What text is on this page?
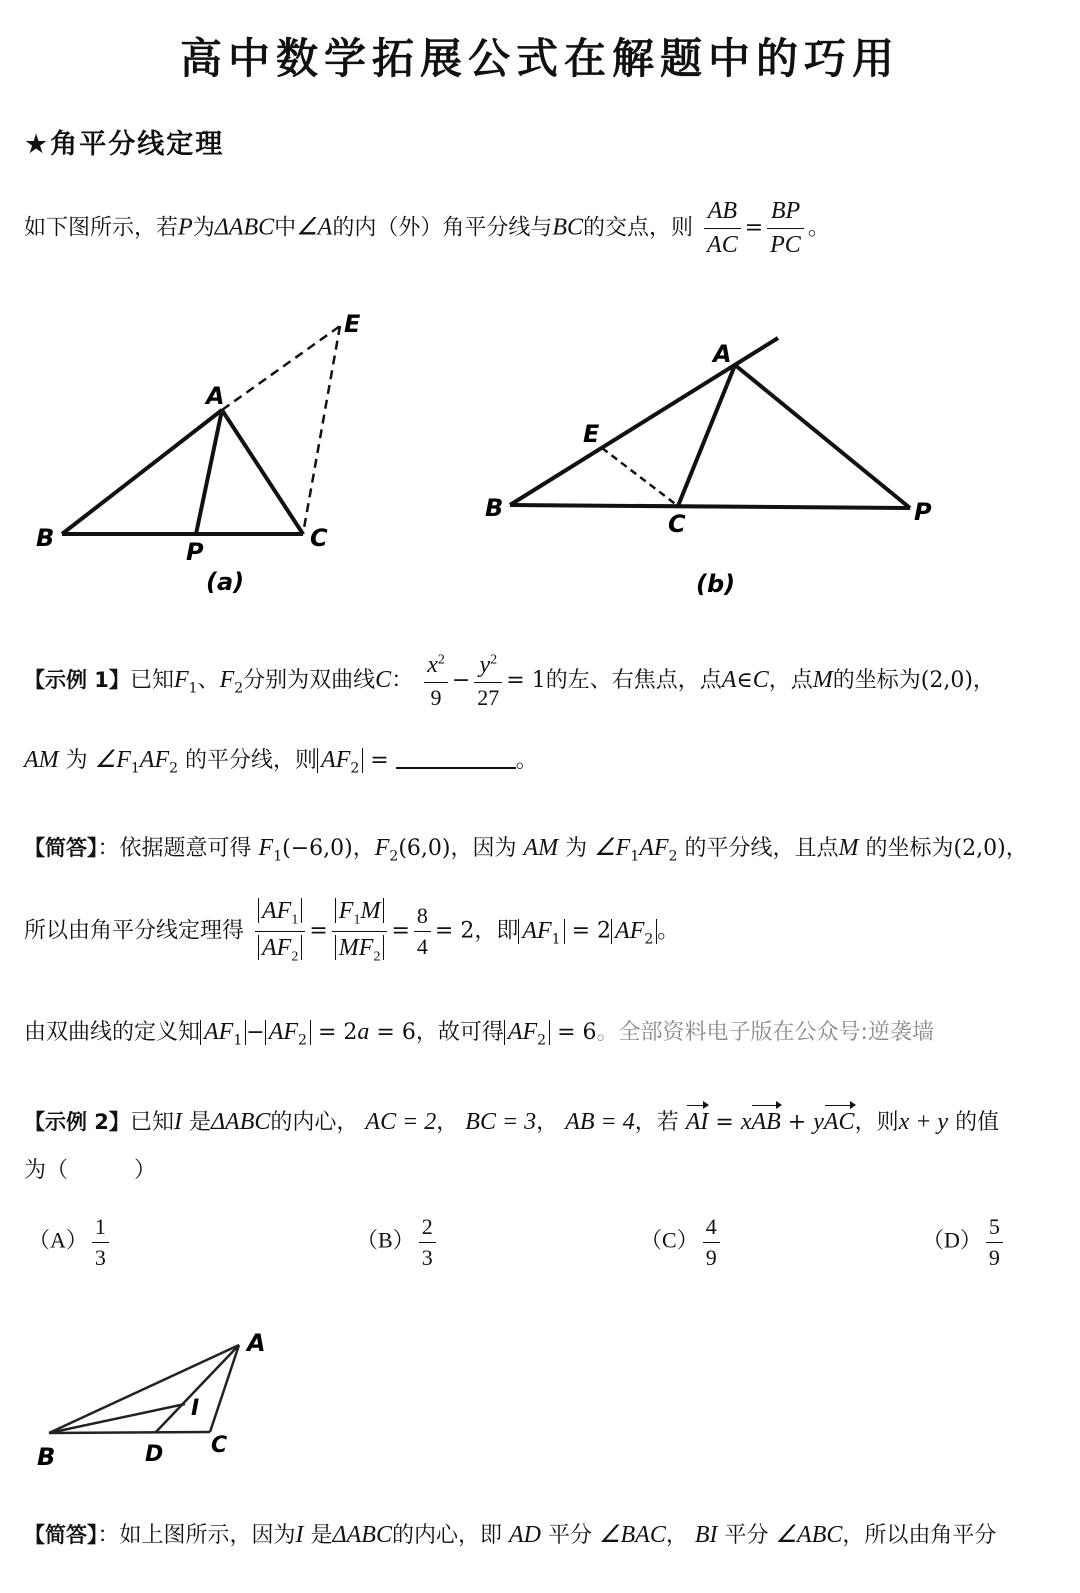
高中数学拓展公式在解题中的巧用
★角平分线定理
如下图所示，若P为ΔABC中∠A的内（外）角平分线与BC的交点，则 $\frac{AB}{AC} = \frac{BP}{PC}$ 。
A
B	C
P
E
(a)
A
B
C	P
E
(b)
【示例 1】已知$F_1$、$F_2$分别为双曲线C： $\frac{x^2}{9} - \frac{y^2}{27} = 1$的左、右焦点，点A∈C，点M的坐标为(2,0)，
AM 为 $\angle F_1AF_2$ 的平分线，则 $AF_2$ =	。
【简答】：依据题意可得 $F_1(-6,0)$，$F_2(6,0)$，因为 AM 为 $\angle F_1AF_2$ 的平分线，且点M 的坐标为(2,0)，
所以由角平分线定理得 $\frac{AF_1}{AF_2} = \frac{F_1M}{MF_2} = \frac{8}{4} = 2$，即 $AF_1 = 2$ $AF_2$ 。
由双曲线的定义知 $AF_1 - AF_2 = 2a = 6$，故可得 $AF_2 = 6$。全部资料电子版在公众号:逆袭墙
【示例 2】已知I 是ΔABC的内心， AC = 2， BC = 3， AB = 4，若 AI = xAB + yAC，则x + y 的值
为（　　　）
$(A) \frac{1}{3}$	$(B) \frac{2}{3}$	$(C) \frac{4}{9}$	$(D) \frac{5}{9}$
A
B	C
D
I
【简答】：如上图所示，因为I 是ΔABC的内心，即 AD 平分 ∠BAC， BI 平分 ∠ABC，所以由角平分
